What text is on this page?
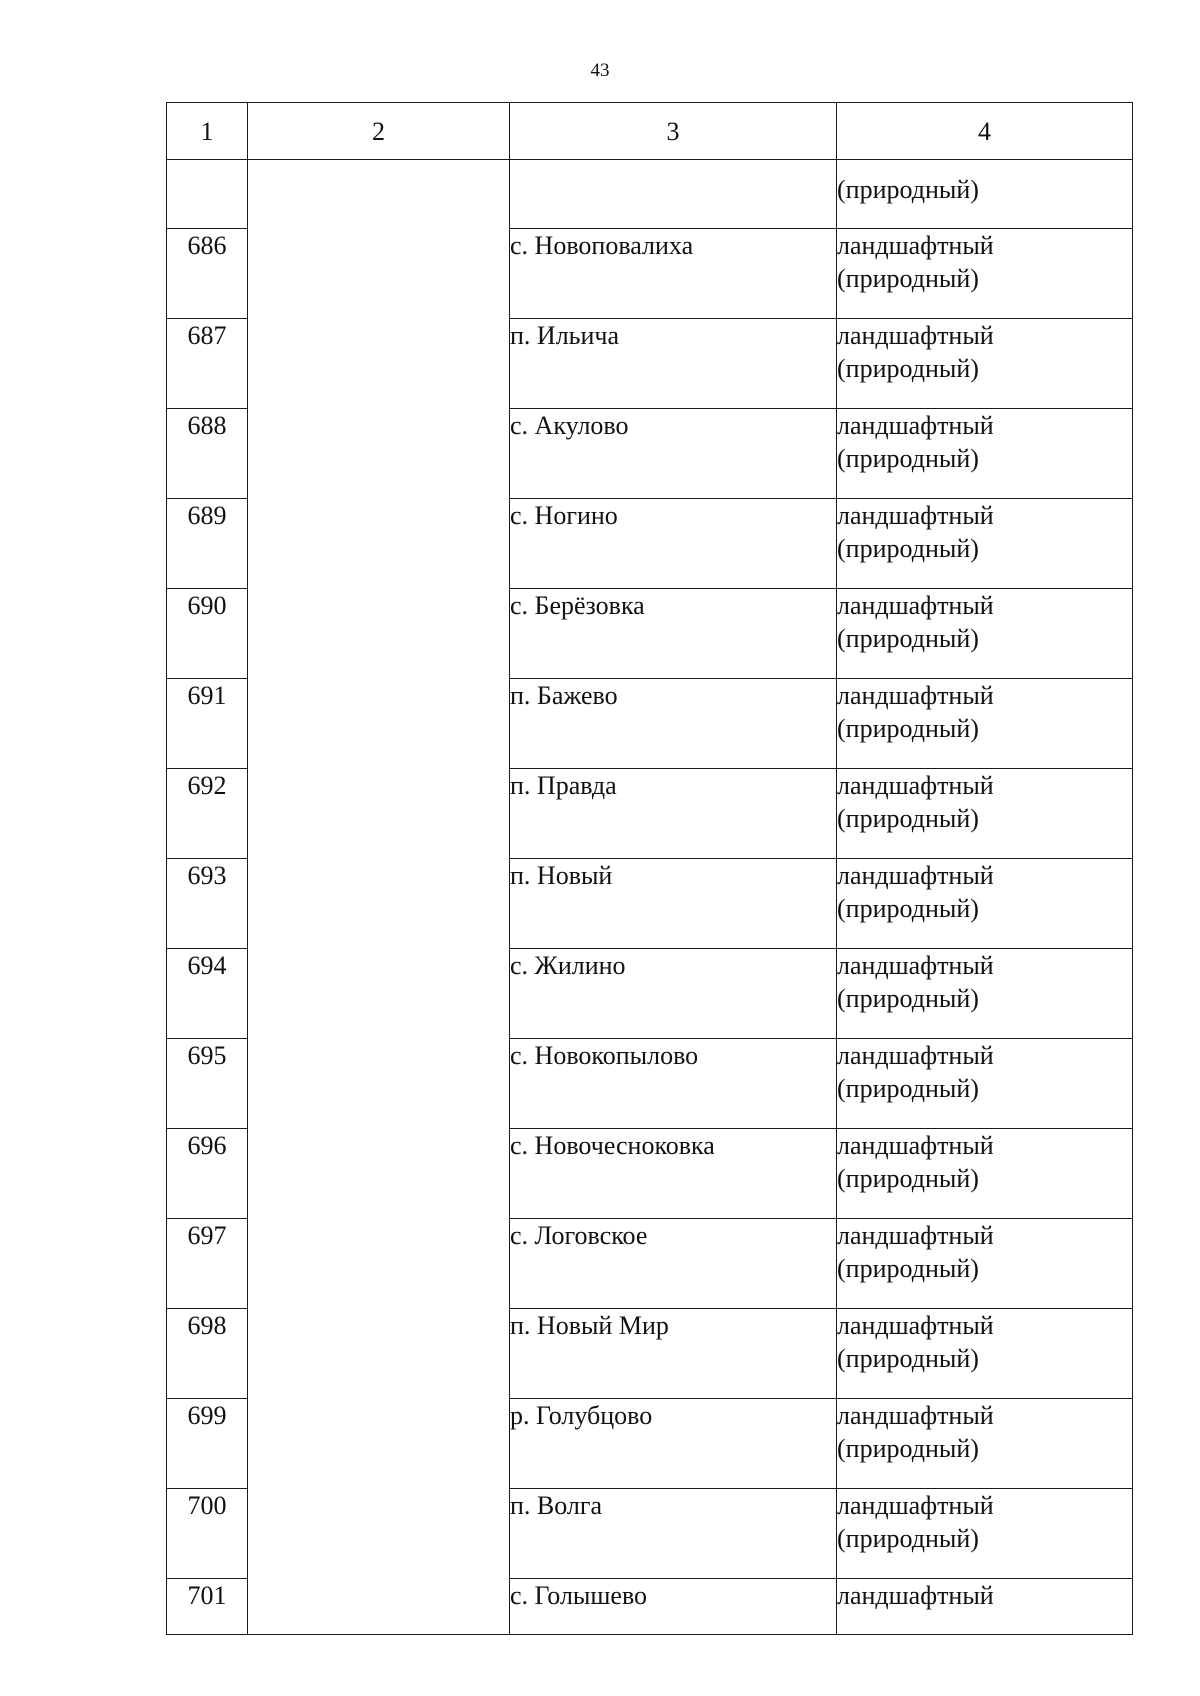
43
1	2	3	4

			(природный)

686		с. Новоповалиха	ландшафтный
(природный)

687		п. Ильича	ландшафтный
(природный)

688		с. Акулово	ландшафтный
(природный)

689		с. Ногино	ландшафтный
(природный)

690		с. Берёзовка	ландшафтный
(природный)

691		п. Бажево	ландшафтный
(природный)

692		п. Правда	ландшафтный
(природный)

693		п. Новый	ландшафтный
(природный)

694		с. Жилино	ландшафтный
(природный)

695		с. Новокопылово	ландшафтный
(природный)

696		с. Новочесноковка	ландшафтный
(природный)

697		с. Логовское	ландшафтный
(природный)

698		п. Новый Мир	ландшафтный
(природный)

699		р. Голубцово	ландшафтный
(природный)

700		п. Волга	ландшафтный
(природный)

701		с. Голышево	ландшафтный
